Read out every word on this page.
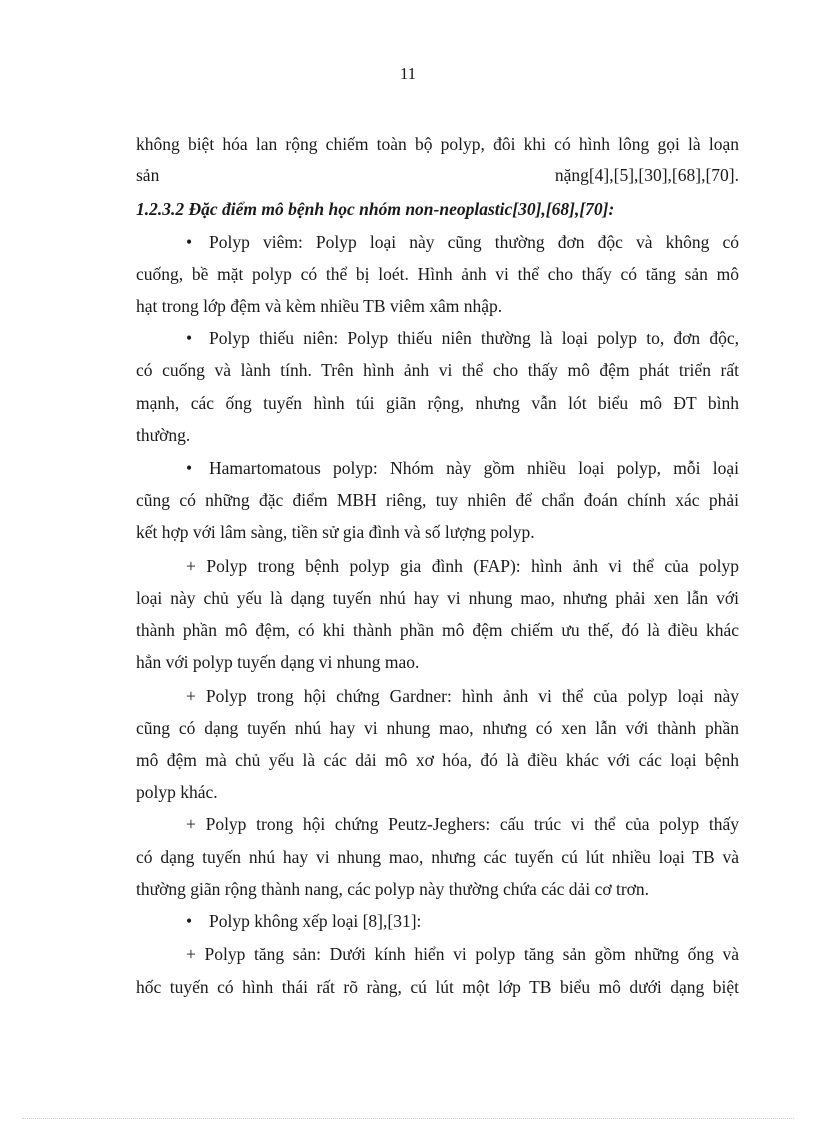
11
không biệt hóa lan rộng chiếm toàn bộ polyp, đôi khi có hình lông gọi là loạn
sản	nặng[4],[5],[30],[68],[70].
1.2.3.2 Đặc điểm mô bệnh học nhóm non-neoplastic[30],[68],[70]:
• Polyp viêm: Polyp loại này cũng thường đơn độc và không có
cuống, bề mặt polyp có thể bị loét. Hình ảnh vi thể cho thấy có tăng sản mô
hạt trong lớp đệm và kèm nhiều TB viêm xâm nhập.
• Polyp thiếu niên: Polyp thiếu niên thường là loại polyp to, đơn độc,
có cuống và lành tính. Trên hình ảnh vi thể cho thấy mô đệm phát triển rất
mạnh, các ống tuyến hình túi giãn rộng, nhưng vẫn lót biểu mô ĐT bình
thường.
• Hamartomatous polyp: Nhóm này gồm nhiều loại polyp, mỗi loại
cũng có những đặc điểm MBH riêng, tuy nhiên để chẩn đoán chính xác phải
kết hợp với lâm sàng, tiền sử gia đình và số lượng polyp.
+ Polyp trong bệnh polyp gia đình (FAP): hình ảnh vi thể của polyp
loại này chủ yếu là dạng tuyến nhú hay vi nhung mao, nhưng phải xen lẫn với
thành phần mô đệm, có khi thành phần mô đệm chiếm ưu thế, đó là điều khác
hẳn với polyp tuyến dạng vi nhung mao.
+ Polyp trong hội chứng Gardner: hình ảnh vi thể của polyp loại này
cũng có dạng tuyến nhú hay vi nhung mao, nhưng có xen lẫn với thành phần
mô đệm mà chủ yếu là các dải mô xơ hóa, đó là điều khác với các loại bệnh
polyp khác.
+ Polyp trong hội chứng Peutz-Jeghers: cấu trúc vi thể của polyp thấy
có dạng tuyến nhú hay vi nhung mao, nhưng các tuyến cú lút nhiều loại TB và
thường giãn rộng thành nang, các polyp này thường chứa các dải cơ trơn.
• Polyp không xếp loại [8],[31]:
+ Polyp tăng sản: Dưới kính hiển vi polyp tăng sản gồm những ống và
hốc tuyến có hình thái rất rõ ràng, cú lút một lớp TB biểu mô dưới dạng biệt
